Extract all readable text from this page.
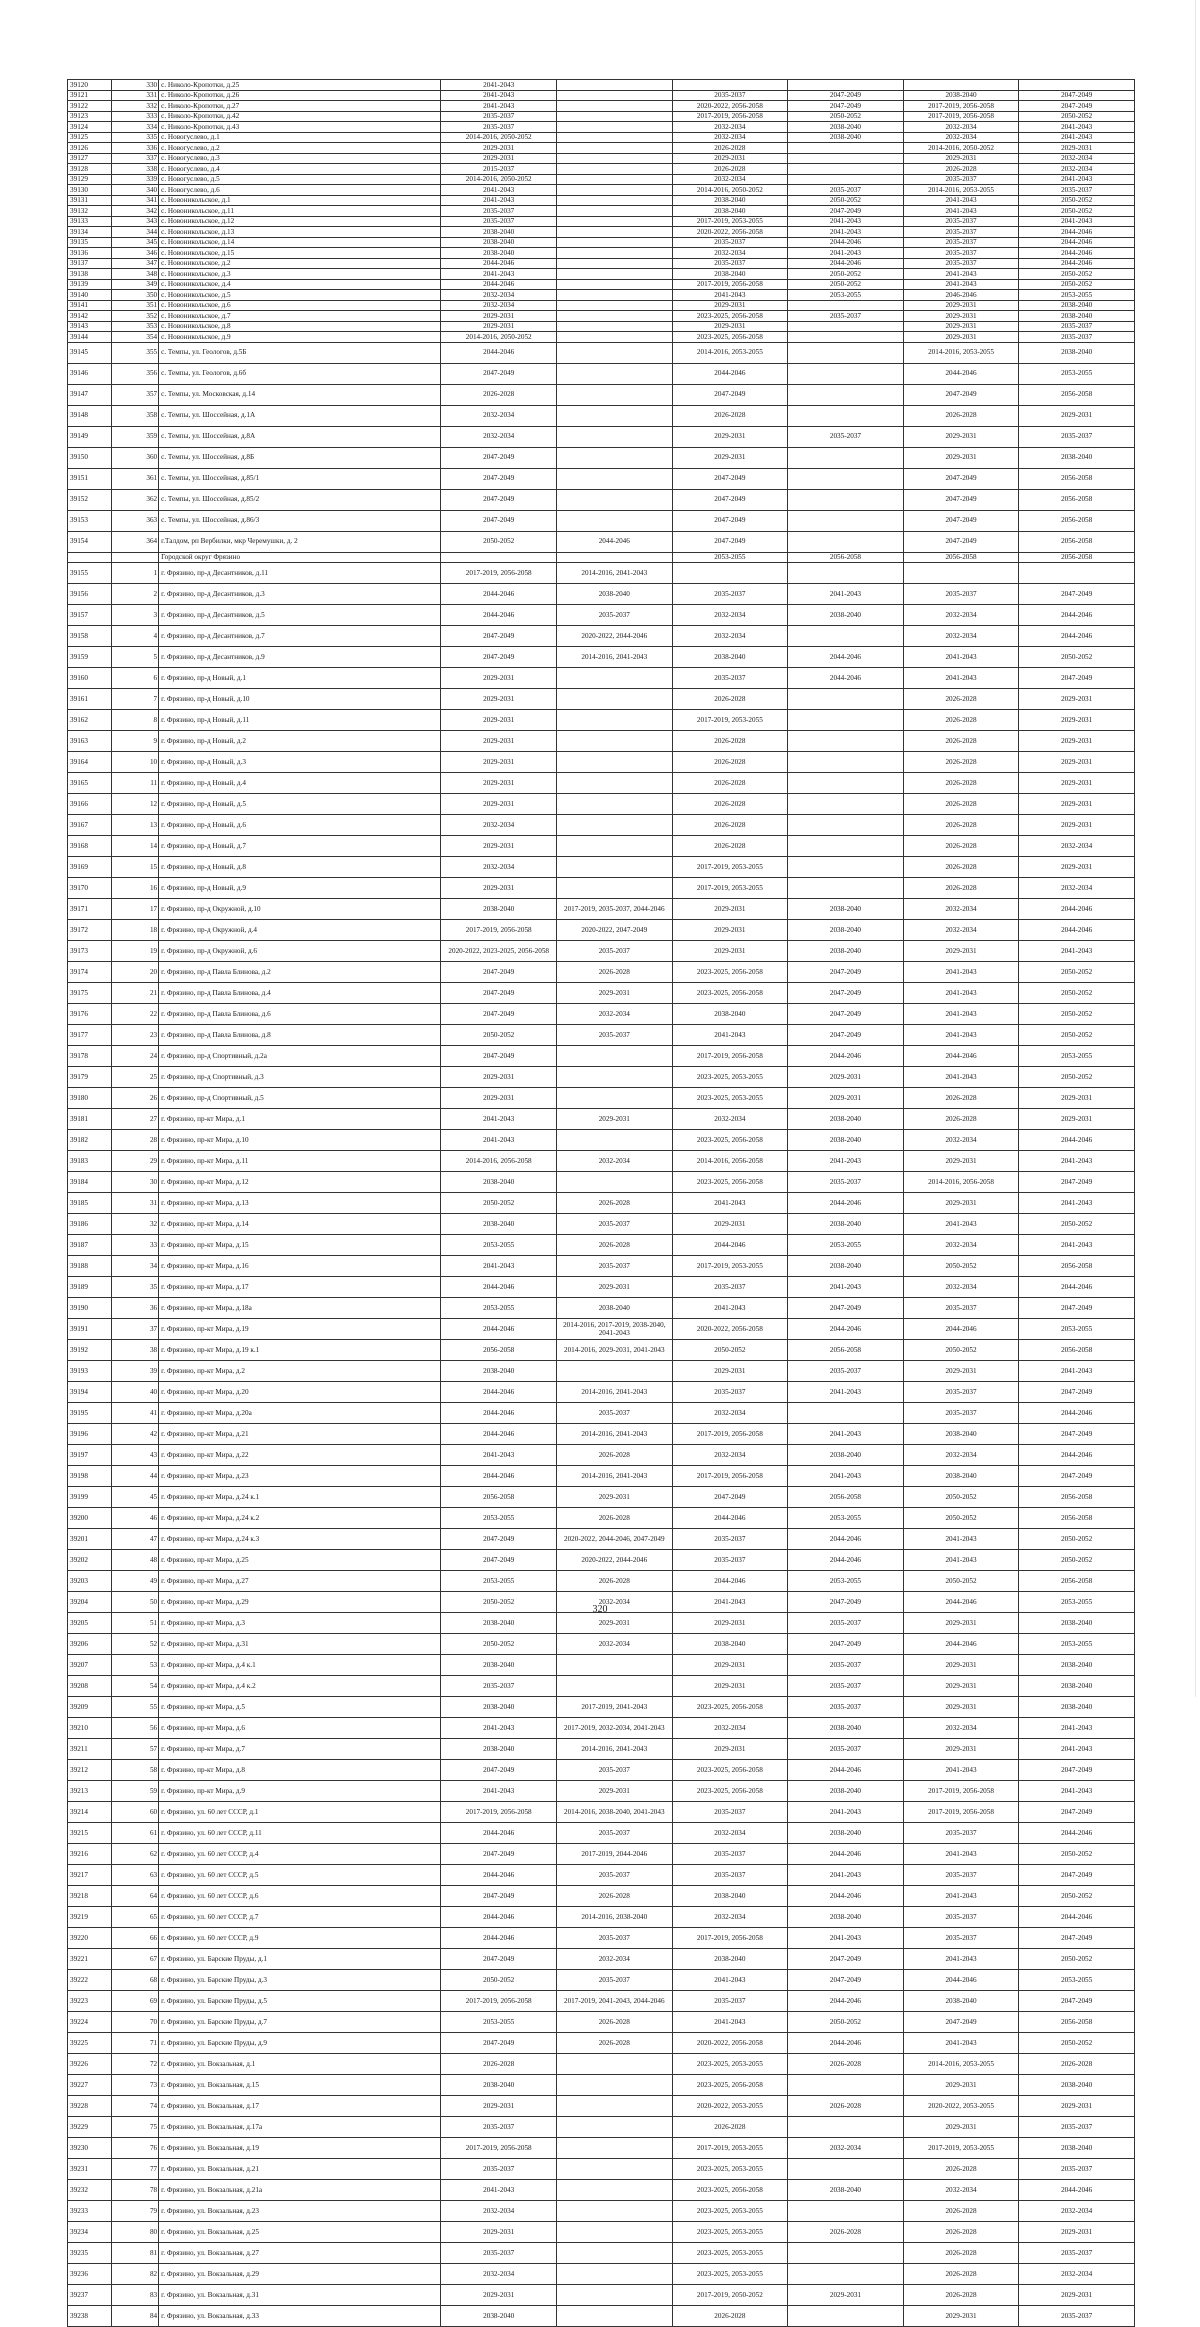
39120	330	с. Николо-Кропотки, д.25	2041-2043					
39121	331	с. Николо-Кропотки, д.26	2041-2043		2035-2037	2047-2049	2038-2040	2047-2049
39122	332	с. Николо-Кропотки, д.27	2041-2043		2020-2022, 2056-2058	2047-2049	2017-2019, 2056-2058	2047-2049
39123	333	с. Николо-Кропотки, д.42	2035-2037		2017-2019, 2056-2058	2050-2052	2017-2019, 2056-2058	2050-2052
39124	334	с. Николо-Кропотки, д.43	2035-2037		2032-2034	2038-2040	2032-2034	2041-2043
39125	335	с. Новогуслево, д.1	2014-2016, 2050-2052		2032-2034	2038-2040	2032-2034	2041-2043
39126	336	с. Новогуслево, д.2	2029-2031		2026-2028		2014-2016, 2050-2052	2029-2031
39127	337	с. Новогуслево, д.3	2029-2031		2029-2031		2029-2031	2032-2034
39128	338	с. Новогуслево, д.4	2015-2037		2026-2028		2026-2028	2032-2034
39129	339	с. Новогуслево, д.5	2014-2016, 2050-2052		2032-2034		2035-2037	2041-2043
39130	340	с. Новогуслево, д.6	2041-2043		2014-2016, 2050-2052	2035-2037	2014-2016, 2053-2055	2035-2037
39131	341	с. Новоникольское, д.1	2041-2043		2038-2040	2050-2052	2041-2043	2050-2052
39132	342	с. Новоникольское, д.11	2035-2037		2038-2040	2047-2049	2041-2043	2050-2052
39133	343	с. Новоникольское, д.12	2035-2037		2017-2019, 2053-2055	2041-2043	2035-2037	2041-2043
39134	344	с. Новоникольское, д.13	2038-2040		2020-2022, 2056-2058	2041-2043	2035-2037	2044-2046
39135	345	с. Новоникольское, д.14	2038-2040		2035-2037	2044-2046	2035-2037	2044-2046
39136	346	с. Новоникольское, д.15	2038-2040		2032-2034	2041-2043	2035-2037	2044-2046
39137	347	с. Новоникольское, д.2	2044-2046		2035-2037	2044-2046	2035-2037	2044-2046
39138	348	с. Новоникольское, д.3	2041-2043		2038-2040	2050-2052	2041-2043	2050-2052
39139	349	с. Новоникольское, д.4	2044-2046		2017-2019, 2056-2058	2050-2052	2041-2043	2050-2052
39140	350	с. Новоникольское, д.5	2032-2034		2041-2043	2053-2055	2046-2046	2053-2055
39141	351	с. Новоникольское, д.6	2032-2034		2029-2031		2029-2031	2038-2040
39142	352	с. Новоникольское, д.7	2029-2031		2023-2025, 2056-2058	2035-2037	2029-2031	2038-2040
39143	353	с. Новоникольское, д.8	2029-2031		2029-2031		2029-2031	2035-2037
39144	354	с. Новоникольское, д.9	2014-2016, 2050-2052		2023-2025, 2056-2058		2029-2031	2035-2037
39145	355	с. Темпы, ул. Геологов, д.5Б	2044-2046		2014-2016, 2053-2055		2014-2016, 2053-2055	2038-2040
39146	356	с. Темпы, ул. Геологов, д.6б	2047-2049		2044-2046		2044-2046	2053-2055
39147	357	с. Темпы, ул. Московская, д.14	2026-2028		2047-2049		2047-2049	2056-2058
39148	358	с. Темпы, ул. Шоссейная, д.1А	2032-2034		2026-2028		2026-2028	2029-2031
39149	359	с. Темпы, ул. Шоссейная, д.8А	2032-2034		2029-2031	2035-2037	2029-2031	2035-2037
39150	360	с. Темпы, ул. Шоссейная, д.8Б	2047-2049		2029-2031		2029-2031	2038-2040
39151	361	с. Темпы, ул. Шоссейная, д.85/1	2047-2049		2047-2049		2047-2049	2056-2058
39152	362	с. Темпы, ул. Шоссейная, д.85/2	2047-2049		2047-2049		2047-2049	2056-2058
39153	363	с. Темпы, ул. Шоссейная, д.86/3	2047-2049		2047-2049		2047-2049	2056-2058
39154	364	г.Талдом, рп Вербилки, мкр Черемушки, д. 2	2050-2052	2044-2046	2047-2049		2047-2049	2056-2058
		Городской округ Фрязино			2053-2055	2056-2058	2056-2058	2056-2058
39155	1	г. Фрязино, пр-д Десантников, д.11	2017-2019, 2056-2058	2014-2016, 2041-2043				
39156	2	г. Фрязино, пр-д Десантников, д.3	2044-2046	2038-2040	2035-2037	2041-2043	2035-2037	2047-2049
39157	3	г. Фрязино, пр-д Десантников, д.5	2044-2046	2035-2037	2032-2034	2038-2040	2032-2034	2044-2046
39158	4	г. Фрязино, пр-д Десантников, д.7	2047-2049	2020-2022, 2044-2046	2032-2034		2032-2034	2044-2046
39159	5	г. Фрязино, пр-д Десантников, д.9	2047-2049	2014-2016, 2041-2043	2038-2040	2044-2046	2041-2043	2050-2052
39160	6	г. Фрязино, пр-д Новый, д.1	2029-2031		2035-2037	2044-2046	2041-2043	2047-2049
39161	7	г. Фрязино, пр-д Новый, д.10	2029-2031		2026-2028		2026-2028	2029-2031
39162	8	г. Фрязино, пр-д Новый, д.11	2029-2031		2017-2019, 2053-2055		2026-2028	2029-2031
39163	9	г. Фрязино, пр-д Новый, д.2	2029-2031		2026-2028		2026-2028	2029-2031
39164	10	г. Фрязино, пр-д Новый, д.3	2029-2031		2026-2028		2026-2028	2029-2031
39165	11	г. Фрязино, пр-д Новый, д.4	2029-2031		2026-2028		2026-2028	2029-2031
39166	12	г. Фрязино, пр-д Новый, д.5	2029-2031		2026-2028		2026-2028	2029-2031
39167	13	г. Фрязино, пр-д Новый, д.6	2032-2034		2026-2028		2026-2028	2029-2031
39168	14	г. Фрязино, пр-д Новый, д.7	2029-2031		2026-2028		2026-2028	2032-2034
39169	15	г. Фрязино, пр-д Новый, д.8	2032-2034		2017-2019, 2053-2055		2026-2028	2029-2031
39170	16	г. Фрязино, пр-д Новый, д.9	2029-2031		2017-2019, 2053-2055		2026-2028	2032-2034
39171	17	г. Фрязино, пр-д Окружной, д.10	2038-2040	2017-2019, 2035-2037, 2044-2046	2029-2031	2038-2040	2032-2034	2044-2046
39172	18	г. Фрязино, пр-д Окружной, д.4	2017-2019, 2056-2058	2020-2022, 2047-2049	2029-2031	2038-2040	2032-2034	2044-2046
39173	19	г. Фрязино, пр-д Окружной, д.6	2020-2022, 2023-2025, 2056-2058	2035-2037	2029-2031	2038-2040	2029-2031	2041-2043
39174	20	г. Фрязино, пр-д Павла Блинова, д.2	2047-2049	2026-2028	2023-2025, 2056-2058	2047-2049	2041-2043	2050-2052
39175	21	г. Фрязино, пр-д Павла Блинова, д.4	2047-2049	2029-2031	2023-2025, 2056-2058	2047-2049	2041-2043	2050-2052
39176	22	г. Фрязино, пр-д Павла Блинова, д.6	2047-2049	2032-2034	2038-2040	2047-2049	2041-2043	2050-2052
39177	23	г. Фрязино, пр-д Павла Блинова, д.8	2050-2052	2035-2037	2041-2043	2047-2049	2041-2043	2050-2052
39178	24	г. Фрязино, пр-д Спортивный, д.2а	2047-2049		2017-2019, 2056-2058	2044-2046	2044-2046	2053-2055
39179	25	г. Фрязино, пр-д Спортивный, д.3	2029-2031		2023-2025, 2053-2055	2029-2031	2041-2043	2050-2052
39180	26	г. Фрязино, пр-д Спортивный, д.5	2029-2031		2023-2025, 2053-2055	2029-2031	2026-2028	2029-2031
39181	27	г. Фрязино, пр-кт Мира, д.1	2041-2043	2029-2031	2032-2034	2038-2040	2026-2028	2029-2031
39182	28	г. Фрязино, пр-кт Мира, д.10	2041-2043		2023-2025, 2056-2058	2038-2040	2032-2034	2044-2046
39183	29	г. Фрязино, пр-кт Мира, д.11	2014-2016, 2056-2058	2032-2034	2014-2016, 2056-2058	2041-2043	2029-2031	2041-2043
39184	30	г. Фрязино, пр-кт Мира, д.12	2038-2040		2023-2025, 2056-2058	2035-2037	2014-2016, 2056-2058	2047-2049
39185	31	г. Фрязино, пр-кт Мира, д.13	2050-2052	2026-2028	2041-2043	2044-2046	2029-2031	2041-2043
39186	32	г. Фрязино, пр-кт Мира, д.14	2038-2040	2035-2037	2029-2031	2038-2040	2041-2043	2050-2052
39187	33	г. Фрязино, пр-кт Мира, д.15	2053-2055	2026-2028	2044-2046	2053-2055	2032-2034	2041-2043
39188	34	г. Фрязино, пр-кт Мира, д.16	2041-2043	2035-2037	2017-2019, 2053-2055	2038-2040	2050-2052	2056-2058
39189	35	г. Фрязино, пр-кт Мира, д.17	2044-2046	2029-2031	2035-2037	2041-2043	2032-2034	2044-2046
39190	36	г. Фрязино, пр-кт Мира, д.18а	2053-2055	2038-2040	2041-2043	2047-2049	2035-2037	2047-2049
39191	37	г. Фрязино, пр-кт Мира, д.19	2044-2046	2014-2016, 2017-2019, 2038-2040, 2041-2043	2020-2022, 2056-2058	2044-2046	2044-2046	2053-2055
39192	38	г. Фрязино, пр-кт Мира, д.19 к.1	2056-2058	2014-2016, 2029-2031, 2041-2043	2050-2052	2056-2058	2050-2052	2056-2058
39193	39	г. Фрязино, пр-кт Мира, д.2	2038-2040		2029-2031	2035-2037	2029-2031	2041-2043
39194	40	г. Фрязино, пр-кт Мира, д.20	2044-2046	2014-2016, 2041-2043	2035-2037	2041-2043	2035-2037	2047-2049
39195	41	г. Фрязино, пр-кт Мира, д.20а	2044-2046	2035-2037	2032-2034		2035-2037	2044-2046
39196	42	г. Фрязино, пр-кт Мира, д.21	2044-2046	2014-2016, 2041-2043	2017-2019, 2056-2058	2041-2043	2038-2040	2047-2049
39197	43	г. Фрязино, пр-кт Мира, д.22	2041-2043	2026-2028	2032-2034	2038-2040	2032-2034	2044-2046
39198	44	г. Фрязино, пр-кт Мира, д.23	2044-2046	2014-2016, 2041-2043	2017-2019, 2056-2058	2041-2043	2038-2040	2047-2049
39199	45	г. Фрязино, пр-кт Мира, д.24 к.1	2056-2058	2029-2031	2047-2049	2056-2058	2050-2052	2056-2058
39200	46	г. Фрязино, пр-кт Мира, д.24 к.2	2053-2055	2026-2028	2044-2046	2053-2055	2050-2052	2056-2058
39201	47	г. Фрязино, пр-кт Мира, д.24 к.3	2047-2049	2020-2022, 2044-2046, 2047-2049	2035-2037	2044-2046	2041-2043	2050-2052
39202	48	г. Фрязино, пр-кт Мира, д.25	2047-2049	2020-2022, 2044-2046	2035-2037	2044-2046	2041-2043	2050-2052
39203	49	г. Фрязино, пр-кт Мира, д.27	2053-2055	2026-2028	2044-2046	2053-2055	2050-2052	2056-2058
39204	50	г. Фрязино, пр-кт Мира, д.29	2050-2052	2032-2034	2041-2043	2047-2049	2044-2046	2053-2055
39205	51	г. Фрязино, пр-кт Мира, д.3	2038-2040	2029-2031	2029-2031	2035-2037	2029-2031	2038-2040
39206	52	г. Фрязино, пр-кт Мира, д.31	2050-2052	2032-2034	2038-2040	2047-2049	2044-2046	2053-2055
39207	53	г. Фрязино, пр-кт Мира, д.4 к.1	2038-2040		2029-2031	2035-2037	2029-2031	2038-2040
39208	54	г. Фрязино, пр-кт Мира, д.4 к.2	2035-2037		2029-2031	2035-2037	2029-2031	2038-2040
39209	55	г. Фрязино, пр-кт Мира, д.5	2038-2040	2017-2019, 2041-2043	2023-2025, 2056-2058	2035-2037	2029-2031	2038-2040
39210	56	г. Фрязино, пр-кт Мира, д.6	2041-2043	2017-2019, 2032-2034, 2041-2043	2032-2034	2038-2040	2032-2034	2041-2043
39211	57	г. Фрязино, пр-кт Мира, д.7	2038-2040	2014-2016, 2041-2043	2029-2031	2035-2037	2029-2031	2041-2043
39212	58	г. Фрязино, пр-кт Мира, д.8	2047-2049	2035-2037	2023-2025, 2056-2058	2044-2046	2041-2043	2047-2049
39213	59	г. Фрязино, пр-кт Мира, д.9	2041-2043	2029-2031	2023-2025, 2056-2058	2038-2040	2017-2019, 2056-2058	2041-2043
39214	60	г. Фрязино, ул. 60 лет СССР, д.1	2017-2019, 2056-2058	2014-2016, 2038-2040, 2041-2043	2035-2037	2041-2043	2017-2019, 2056-2058	2047-2049
39215	61	г. Фрязино, ул. 60 лет СССР, д.11	2044-2046	2035-2037	2032-2034	2038-2040	2035-2037	2044-2046
39216	62	г. Фрязино, ул. 60 лет СССР, д.4	2047-2049	2017-2019, 2044-2046	2035-2037	2044-2046	2041-2043	2050-2052
39217	63	г. Фрязино, ул. 60 лет СССР, д.5	2044-2046	2035-2037	2035-2037	2041-2043	2035-2037	2047-2049
39218	64	г. Фрязино, ул. 60 лет СССР, д.6	2047-2049	2026-2028	2038-2040	2044-2046	2041-2043	2050-2052
39219	65	г. Фрязино, ул. 60 лет СССР, д.7	2044-2046	2014-2016, 2038-2040	2032-2034	2038-2040	2035-2037	2044-2046
39220	66	г. Фрязино, ул. 60 лет СССР, д.9	2044-2046	2035-2037	2017-2019, 2056-2058	2041-2043	2035-2037	2047-2049
39221	67	г. Фрязино, ул. Барские Пруды, д.1	2047-2049	2032-2034	2038-2040	2047-2049	2041-2043	2050-2052
39222	68	г. Фрязино, ул. Барские Пруды, д.3	2050-2052	2035-2037	2041-2043	2047-2049	2044-2046	2053-2055
39223	69	г. Фрязино, ул. Барские Пруды, д.5	2017-2019, 2056-2058	2017-2019, 2041-2043, 2044-2046	2035-2037	2044-2046	2038-2040	2047-2049
39224	70	г. Фрязино, ул. Барские Пруды, д.7	2053-2055	2026-2028	2041-2043	2050-2052	2047-2049	2056-2058
39225	71	г. Фрязино, ул. Барские Пруды, д.9	2047-2049	2026-2028	2020-2022, 2056-2058	2044-2046	2041-2043	2050-2052
39226	72	г. Фрязино, ул. Вокзальная, д.1	2026-2028		2023-2025, 2053-2055	2026-2028	2014-2016, 2053-2055	2026-2028
39227	73	г. Фрязино, ул. Вокзальная, д.15	2038-2040		2023-2025, 2056-2058		2029-2031	2038-2040
39228	74	г. Фрязино, ул. Вокзальная, д.17	2029-2031		2020-2022, 2053-2055	2026-2028	2020-2022, 2053-2055	2029-2031
39229	75	г. Фрязино, ул. Вокзальная, д.17а	2035-2037		2026-2028		2029-2031	2035-2037
39230	76	г. Фрязино, ул. Вокзальная, д.19	2017-2019, 2056-2058		2017-2019, 2053-2055	2032-2034	2017-2019, 2053-2055	2038-2040
39231	77	г. Фрязино, ул. Вокзальная, д.21	2035-2037		2023-2025, 2053-2055		2026-2028	2035-2037
39232	78	г. Фрязино, ул. Вокзальная, д.21а	2041-2043		2023-2025, 2056-2058	2038-2040	2032-2034	2044-2046
39233	79	г. Фрязино, ул. Вокзальная, д.23	2032-2034		2023-2025, 2053-2055		2026-2028	2032-2034
39234	80	г. Фрязино, ул. Вокзальная, д.25	2029-2031		2023-2025, 2053-2055	2026-2028	2026-2028	2029-2031
39235	81	г. Фрязино, ул. Вокзальная, д.27	2035-2037		2023-2025, 2053-2055		2026-2028	2035-2037
39236	82	г. Фрязино, ул. Вокзальная, д.29	2032-2034		2023-2025, 2053-2055		2026-2028	2032-2034
39237	83	г. Фрязино, ул. Вокзальная, д.31	2029-2031		2017-2019, 2050-2052	2029-2031	2026-2028	2029-2031
39238	84	г. Фрязино, ул. Вокзальная, д.33	2038-2040		2026-2028		2029-2031	2035-2037
320
